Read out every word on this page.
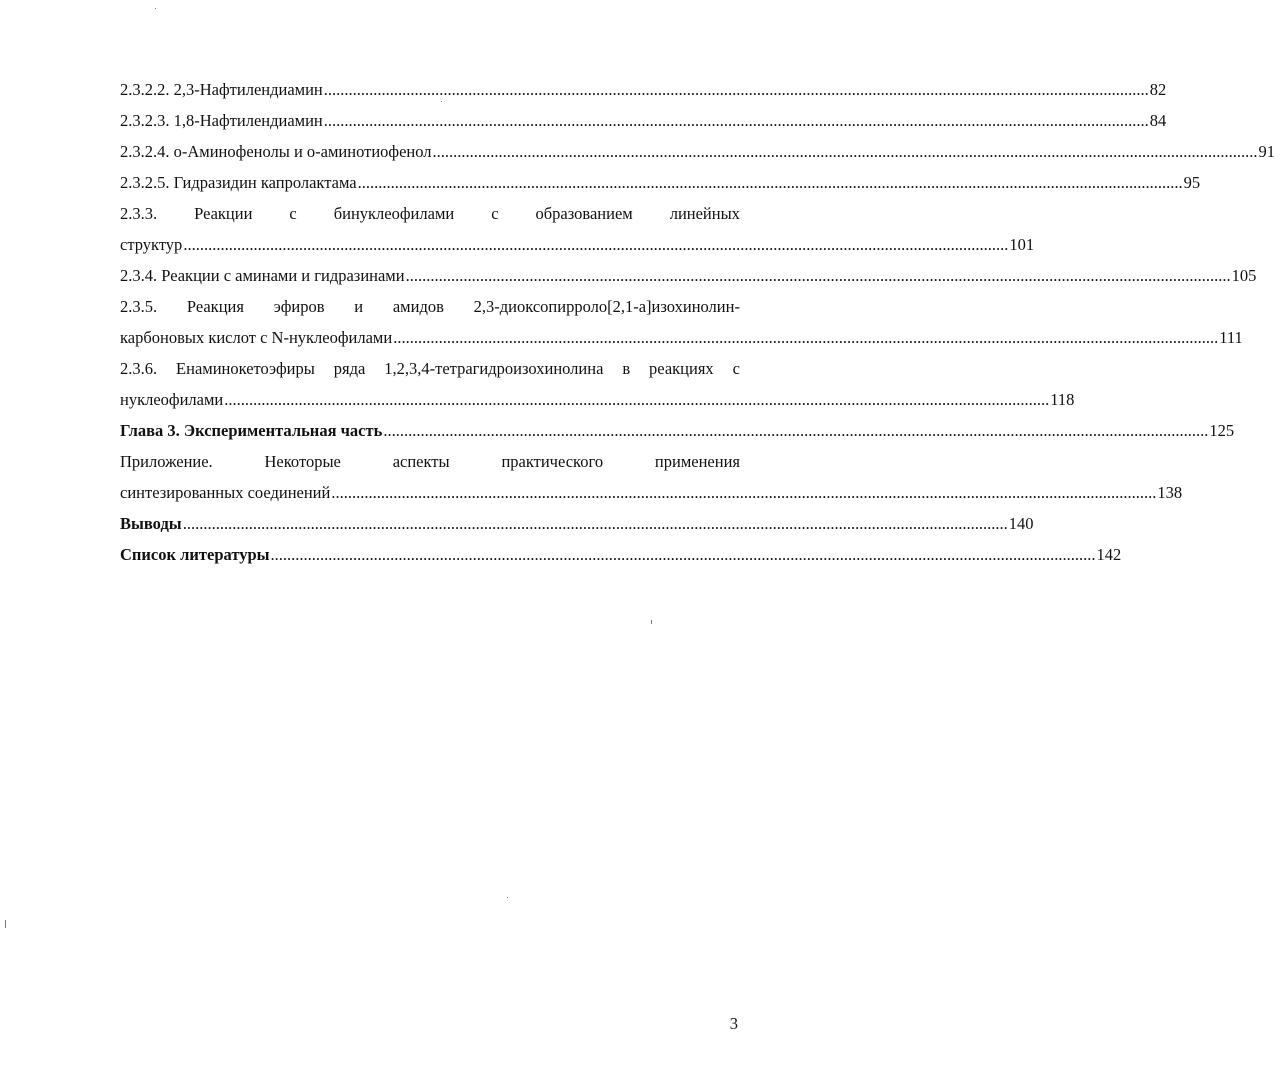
2.3.2.2. 2,3-Нафтилендиамин ........................................................................................................................................................................................................ 82
2.3.2.3. 1,8-Нафтилендиамин ........................................................................................................................................................................................................ 84
2.3.2.4. о-Аминофенолы и о-аминотиофенол ........................................................................................................................................................................................................ 91
2.3.2.5. Гидразидин капролактама ........................................................................................................................................................................................................ 95
2.3.3. Реакции с бинуклеофилами с образованием линейных
структур ........................................................................................................................................................................................................ 101
2.3.4. Реакции с аминами и гидразинами ........................................................................................................................................................................................................ 105
2.3.5. Реакция эфиров и амидов 2,3-диоксопирроло[2,1-а]изохинолин-
карбоновых кислот с N-нуклеофилами ........................................................................................................................................................................................................ 111
2.3.6. Енаминокетоэфиры ряда 1,2,3,4-тетрагидроизохинолина в реакциях с
нуклеофилами ........................................................................................................................................................................................................ 118
Глава 3. Экспериментальная часть ........................................................................................................................................................................................................ 125
Приложение.	Некоторые	аспекты	практического	применения
синтезированных соединений ........................................................................................................................................................................................................ 138
Выводы ........................................................................................................................................................................................................ 140
Список литературы ........................................................................................................................................................................................................ 142
3
